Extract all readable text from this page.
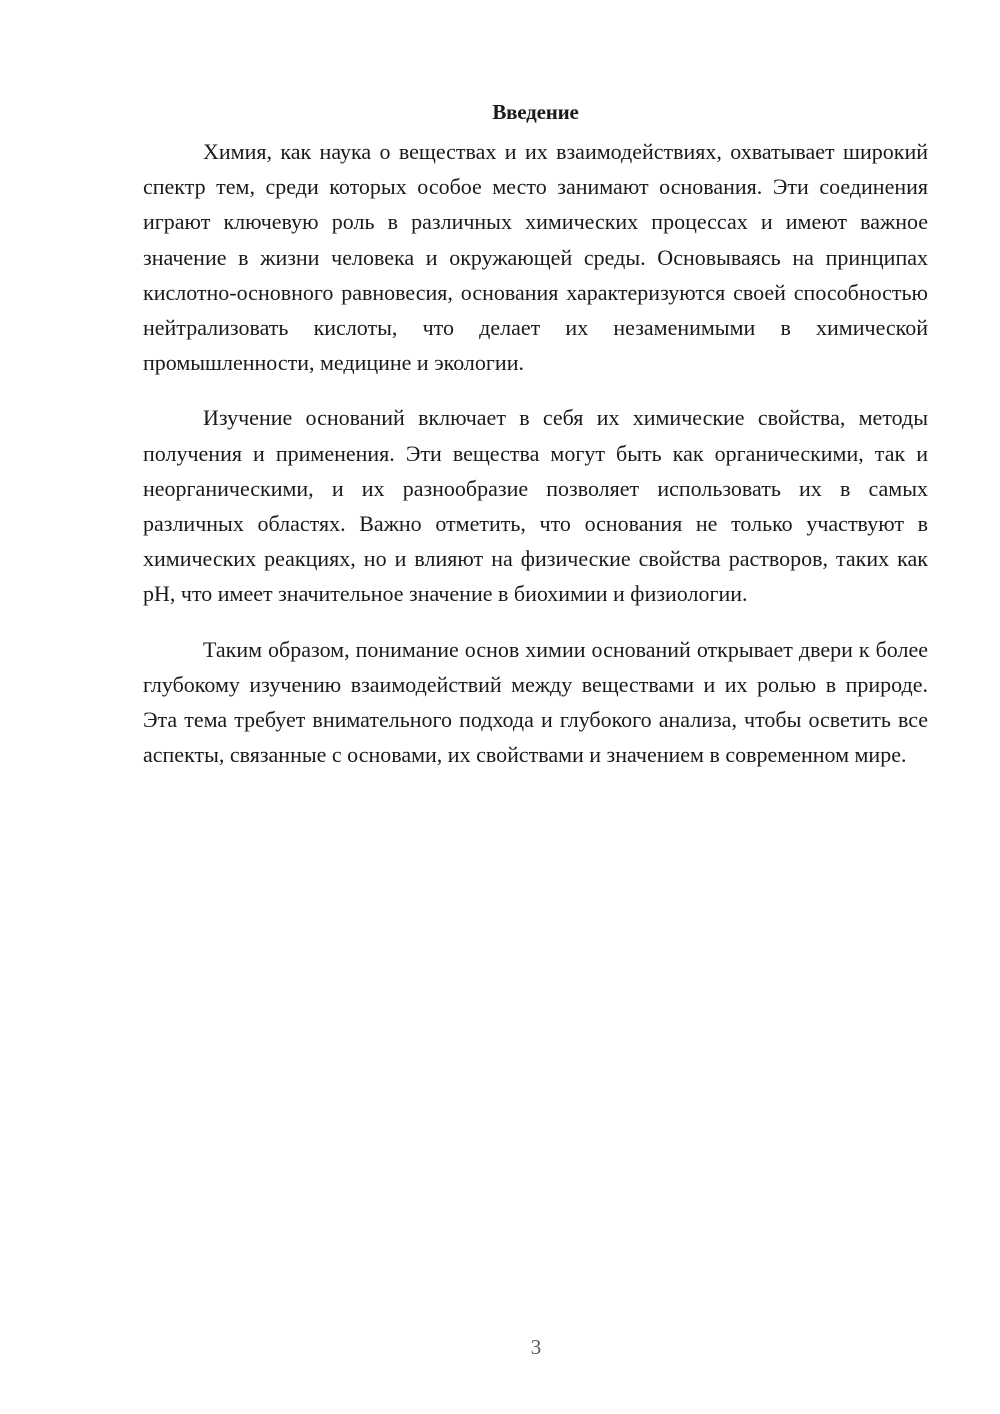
Введение

Химия, как наука о веществах и их взаимодействиях, охватывает широкий спектр тем, среди которых особое место занимают основания. Эти соединения играют ключевую роль в различных химических процессах и имеют важное значение в жизни человека и окружающей среды. Основываясь на принципах кислотно-основного равновесия, основания характеризуются своей способностью нейтрализовать кислоты, что делает их незаменимыми в химической промышленности, медицине и экологии.

Изучение оснований включает в себя их химические свойства, методы получения и применения. Эти вещества могут быть как органическими, так и неорганическими, и их разнообразие позволяет использовать их в самых различных областях. Важно отметить, что основания не только участвуют в химических реакциях, но и влияют на физические свойства растворов, таких как pH, что имеет значительное значение в биохимии и физиологии.

Таким образом, понимание основ химии оснований открывает двери к более глубокому изучению взаимодействий между веществами и их ролью в природе. Эта тема требует внимательного подхода и глубокого анализа, чтобы осветить все аспекты, связанные с основами, их свойствами и значением в современном мире.

3
